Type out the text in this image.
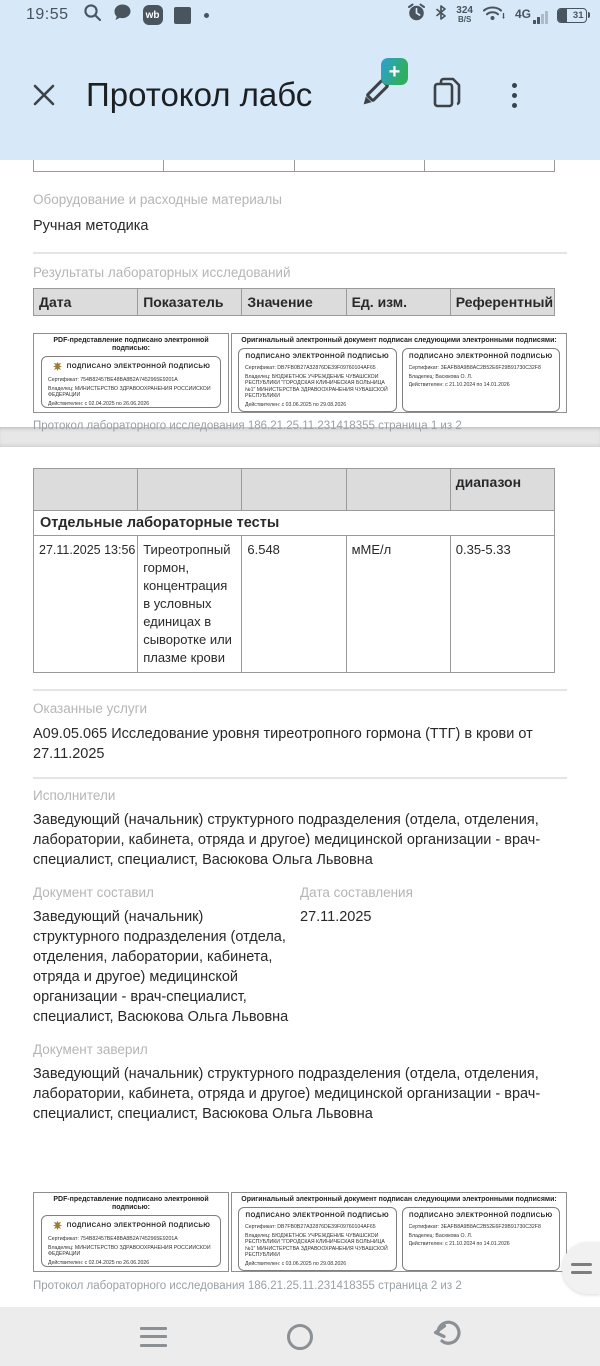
19:55	wb	324
B/S	4G	31
Протокол лабс
+
Оборудование и расходные материалы
Ручная методика
Результаты лабораторных исследований
Дата	Показатель	Значение	Ед. изм.	Референтный
PDF-представление подписано электронной подписью:
ПОДПИСАНО ЭЛЕКТРОННОЙ ПОДПИСЬЮ
Сертификат: 754B82457BE48BA8B2A7452965E9201A
Владелец: МИНИСТЕРСТВО ЗДРАВООХРАНЕНИЯ РОССИЙСКОЙ ФЕДЕРАЦИИ
Действителен: с 02.04.2025 по 26.06.2026
Оригинальный электронный документ подписан следующими электронными подписями:
ПОДПИСАНО ЭЛЕКТРОННОЙ ПОДПИСЬЮ
Сертификат: DB7FB0B27A32876DE39F09760104AF65
Владелец: БЮДЖЕТНОЕ УЧРЕЖДЕНИЕ ЧУВАШСКОЙ РЕСПУБЛИКИ "ГОРОДСКАЯ КЛИНИЧЕСКАЯ БОЛЬНИЦА №1" МИНИСТЕРСТВА ЗДРАВООХРАНЕНИЯ ЧУВАШСКОЙ РЕСПУБЛИКИ
Действителен: с 03.06.2025 по 29.08.2026
ПОДПИСАНО ЭЛЕКТРОННОЙ ПОДПИСЬЮ
Сертификат: 3EAFB8A9B8AC2B52E6F29B91730C32F8
Владелец: Васюкова О. Л.
Действителен: с 21.10.2024 по 14.01.2026
Протокол лабораторного исследования 186.21.25.11.231418355 страница 1 из 2
				диапазон
Отдельные лабораторные тесты				
27.11.2025 13:56	Тиреотропный гормон, концентрация в условных единицах в сыворотке или плазме крови	6.548	мМЕ/л	0.35-5.33
Оказанные услуги
А09.05.065 Исследование уровня тиреотропного гормона (ТТГ) в крови от 27.11.2025
Исполнители
Заведующий (начальник) структурного подразделения (отдела, отделения, лаборатории, кабинета, отряда и другое) медицинской организации - врач-специалист, специалист, Васюкова Ольга Львовна
Документ составил
Заведующий (начальник) структурного подразделения (отдела, отделения, лаборатории, кабинета, отряда и другое) медицинской организации - врач-специалист, специалист, Васюкова Ольга Львовна
Дата составления
27.11.2025
Документ заверил
Заведующий (начальник) структурного подразделения (отдела, отделения, лаборатории, кабинета, отряда и другое) медицинской организации - врач-специалист, специалист, Васюкова Ольга Львовна
PDF-представление подписано электронной подписью:
ПОДПИСАНО ЭЛЕКТРОННОЙ ПОДПИСЬЮ
Сертификат: 754B82457BE48BA8B2A7452965E9201A
Владелец: МИНИСТЕРСТВО ЗДРАВООХРАНЕНИЯ РОССИЙСКОЙ ФЕДЕРАЦИИ
Действителен: с 02.04.2025 по 26.06.2026
Оригинальный электронный документ подписан следующими электронными подписями:
ПОДПИСАНО ЭЛЕКТРОННОЙ ПОДПИСЬЮ
Сертификат: DB7FB0B27A32876DE39F09760104AF65
Владелец: БЮДЖЕТНОЕ УЧРЕЖДЕНИЕ ЧУВАШСКОЙ РЕСПУБЛИКИ "ГОРОДСКАЯ КЛИНИЧЕСКАЯ БОЛЬНИЦА №1" МИНИСТЕРСТВА ЗДРАВООХРАНЕНИЯ ЧУВАШСКОЙ РЕСПУБЛИКИ
Действителен: с 03.06.2025 по 29.08.2026
ПОДПИСАНО ЭЛЕКТРОННОЙ ПОДПИСЬЮ
Сертификат: 3EAFB8A9B8AC2B52E6F29B91730C32F8
Владелец: Васюкова О. Л.
Действителен: с 21.10.2024 по 14.01.2026
Протокол лабораторного исследования 186.21.25.11.231418355 страница 2 из 2
